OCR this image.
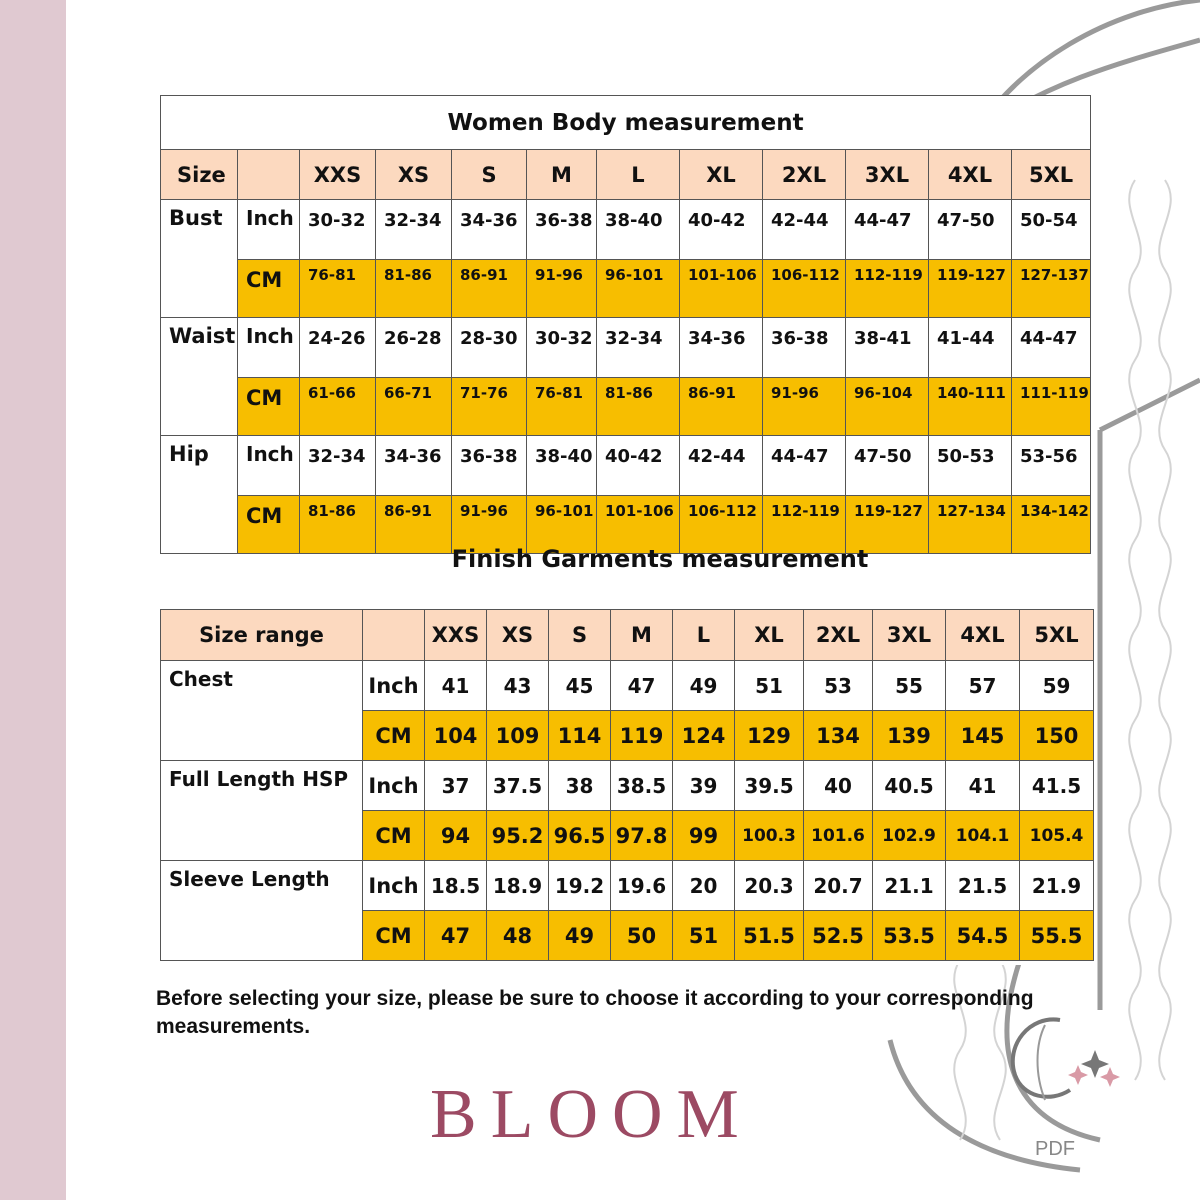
Women Body measurement											
Size		XXS	XS	S	M	L	XL	2XL	3XL	4XL	5XL
Bust	Inch	30-32	32-34	34-36	36-38	38-40	40-42	42-44	44-47	47-50	50-54
	CM	76-81	81-86	86-91	91-96	96-101	101-106	106-112	112-119	119-127	127-137
Waist	Inch	24-26	26-28	28-30	30-32	32-34	34-36	36-38	38-41	41-44	44-47
	CM	61-66	66-71	71-76	76-81	81-86	86-91	91-96	96-104	140-111	111-119
Hip	Inch	32-34	34-36	36-38	38-40	40-42	42-44	44-47	47-50	50-53	53-56
	CM	81-86	86-91	91-96	96-101	101-106	106-112	112-119	119-127	127-134	134-142
Finish Garments measurement
Size range		XXS	XS	S	M	L	XL	2XL	3XL	4XL	5XL
Chest	Inch	41	43	45	47	49	51	53	55	57	59
	CM	104	109	114	119	124	129	134	139	145	150
Full Length HSP	Inch	37	37.5	38	38.5	39	39.5	40	40.5	41	41.5
	CM	94	95.2	96.5	97.8	99	100.3	101.6	102.9	104.1	105.4
Sleeve Length	Inch	18.5	18.9	19.2	19.6	20	20.3	20.7	21.1	21.5	21.9
	CM	47	48	49	50	51	51.5	52.5	53.5	54.5	55.5
Before selecting your size, please be sure to choose it according to your corresponding measurements.
BLOOM	PDF
